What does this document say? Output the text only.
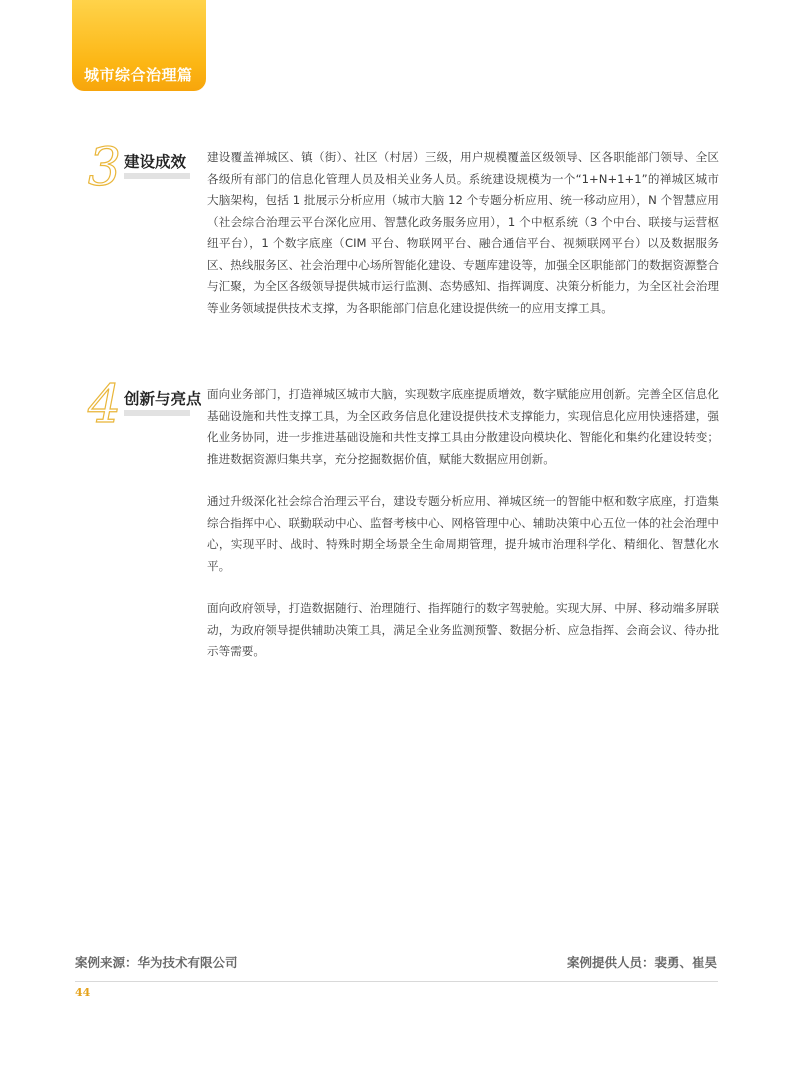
城市综合治理篇
3 建设成效 建设覆盖禅城区、镇（街）、社区（村居）三级，用户规模覆盖区级领导、区各职能部门领导、全区各级所有部门的信息化管理人员及相关业务人员。系统建设规模为一个“1+N+1+1”的禅城区城市大脑架构，包括 1 批展示分析应用（城市大脑 12 个专题分析应用、统一移动应用），N 个智慧应用（社会综合治理云平台深化应用、智慧化政务服务应用），1 个中枢系统（3 个中台、联接与运营枢纽平台），1 个数字底座（CIM 平台、物联网平台、融合通信平台、视频联网平台）以及数据服务区、热线服务区、社会治理中心场所智能化建设、专题库建设等，加强全区职能部门的数据资源整合与汇聚，为全区各级领导提供城市运行监测、态势感知、指挥调度、决策分析能力，为全区社会治理等业务领域提供技术支撑，为各职能部门信息化建设提供统一的应用支撑工具。

4 创新与亮点 面向业务部门，打造禅城区城市大脑，实现数字底座提质增效，数字赋能应用创新。完善全区信息化基础设施和共性支撑工具，为全区政务信息化建设提供技术支撑能力，实现信息化应用快速搭建，强化业务协同，进一步推进基础设施和共性支撑工具由分散建设向模块化、智能化和集约化建设转变；推进数据资源归集共享，充分挖掘数据价值，赋能大数据应用创新。

通过升级深化社会综合治理云平台，建设专题分析应用、禅城区统一的智能中枢和数字底座，打造集综合指挥中心、联勤联动中心、监督考核中心、网格管理中心、辅助决策中心五位一体的社会治理中心，实现平时、战时、特殊时期全场景全生命周期管理，提升城市治理科学化、精细化、智慧化水平。

面向政府领导，打造数据随行、治理随行、指挥随行的数字驾驶舱。实现大屏、中屏、移动端多屏联动，为政府领导提供辅助决策工具，满足全业务监测预警、数据分析、应急指挥、会商会议、待办批示等需要。

案例来源：华为技术有限公司	案例提供人员：裴勇、崔昊
44
